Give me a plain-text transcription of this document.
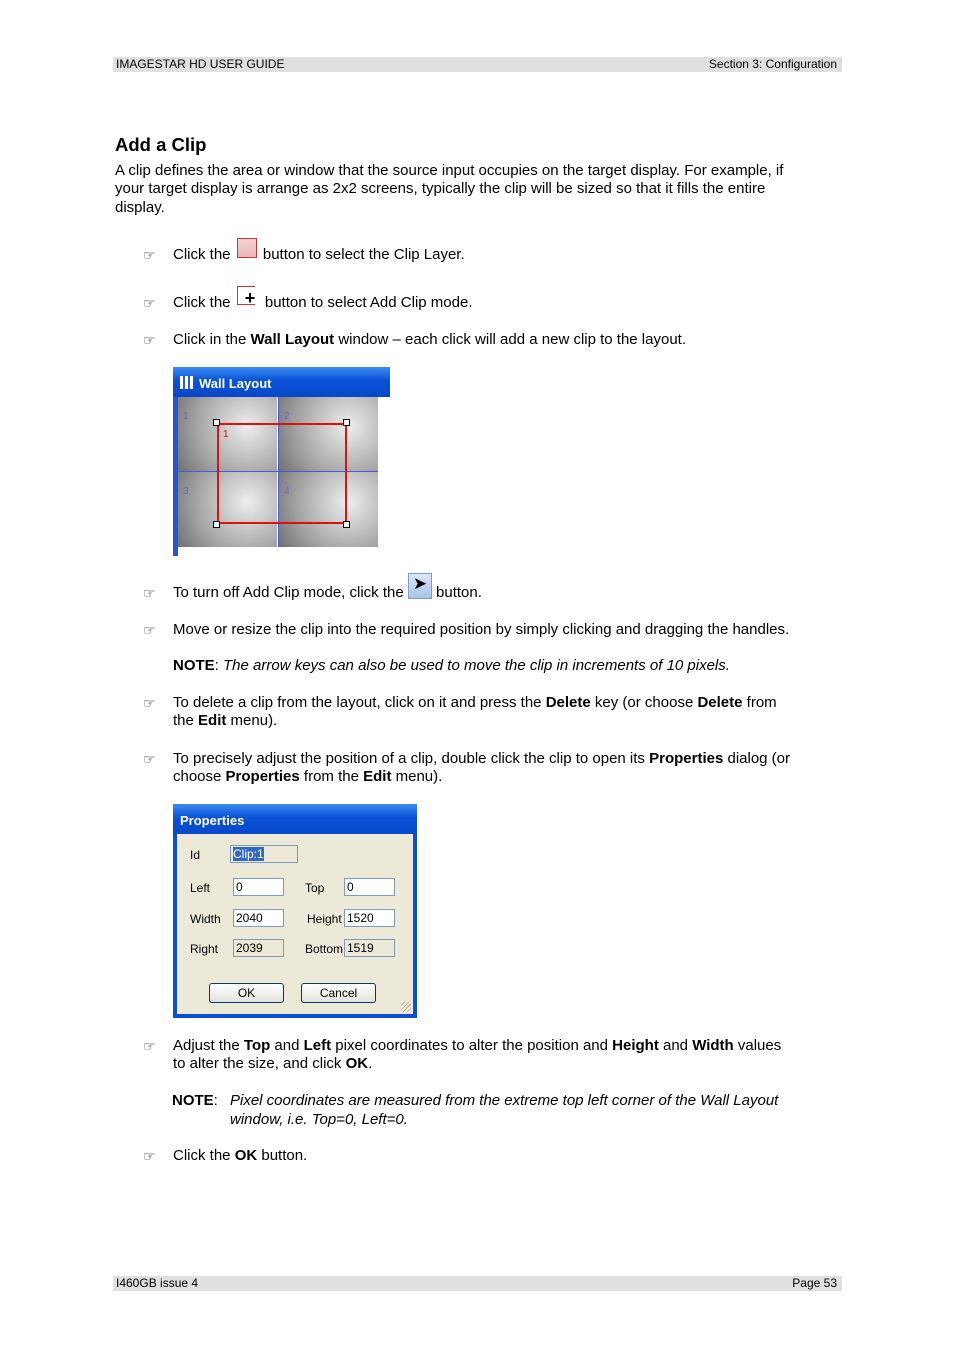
IMAGESTAR HD USER GUIDE	Section 3: Configuration
Add a Clip
A clip defines the area or window that the source input occupies on the target display. For example, if
your target display is arrange as 2x2 screens, typically the clip will be sized so that it fills the entire
display.
☞ Click the
button to select the Clip Layer.
☞ Click the + button to select Add Clip mode.
☞ Click in the Wall Layout window – each click will add a new clip to the layout.
Wall Layout
1	2
3	4
1
☞ To turn off Add Clip mode, click the ➤ button.
☞ Move or resize the clip into the required position by simply clicking and dragging the handles.
NOTE: The arrow keys can also be used to move the clip in increments of 10 pixels.
☞ To delete a clip from the layout, click on it and press the Delete key (or choose Delete from
the Edit menu).
☞ To precisely adjust the position of a clip, double click the clip to open its Properties dialog (or
choose Properties from the Edit menu).
Properties
Id	Clip:1
Left 0	Top 0
Width 2040	Height 1520
Right 2039	Bottom 1519
OK	Cancel
☞ Adjust the Top and Left pixel coordinates to alter the position and Height and Width values
to alter the size, and click OK.
NOTE: Pixel coordinates are measured from the extreme top left corner of the Wall Layout
window, i.e. Top=0, Left=0.
☞ Click the OK button.
I460GB issue 4	Page 53
